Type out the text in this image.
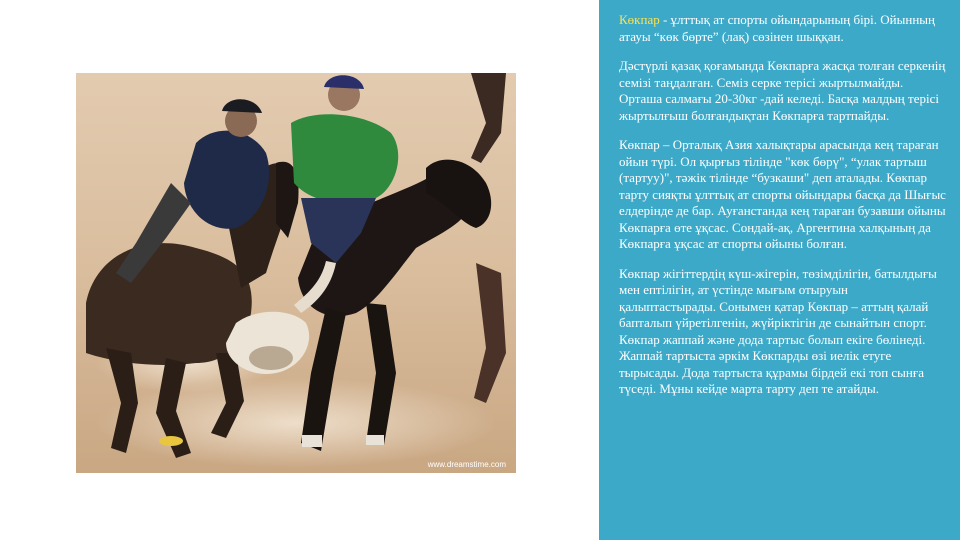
www.dreamstime.com

Көкпар - ұлттық ат спорты ойындарының бірі. Ойынның атауы “көк бөрте” (лақ) сөзінен шыққан.

Дәстүрлі қазақ қоғамында Көкпарға жасқа толған серкенің семізі таңдалған. Семіз серке терісі жыртылмайды. Орташа салмағы 20-30кг -дай келеді. Басқа малдың терісі жыртылғыш болғандықтан Көкпарға тартпайды.

Көкпар – Орталық Азия халықтары арасында кең тараған ойын түрі. Ол қырғыз тілінде "көк бөрү", “улак тартыш (тартуу)", тәжік тілінде “бузкаши" деп аталады. Көкпар тарту сияқты ұлттық ат спорты ойындары басқа да Шығыс елдерінде де бар. Ауғанстанда кең тараған бузавши ойыны Көкпарға өте ұқсас. Сондай-ақ, Аргентина халқының да Көкпарға ұқсас ат спорты ойыны болған.

Көкпар жігіттердің күш-жігерін, төзімділігін, батылдығы мен ептілігін, ат үстінде мығым отыруын қалыптастырады. Сонымен қатар Көкпар – аттың қалай бапталып үйретілгенін, жүйріктігін де сынайтын спорт. Көкпар жаппай және дода тартыс болып екіге бөлінеді. Жаппай тартыста әркім Көкпарды өзі иелік етуге тырысады. Дода тартыста құрамы бірдей екі топ сынға түседі. Мұны кейде марта тарту деп те атайды.
